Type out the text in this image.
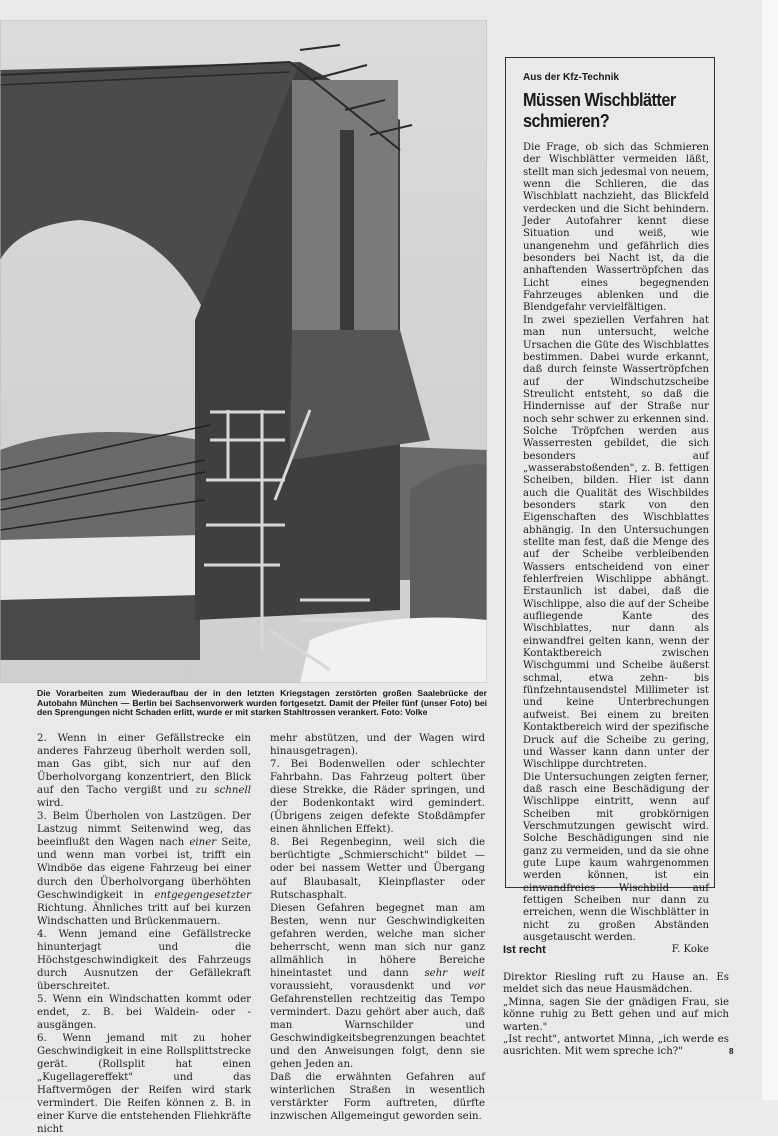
Die Vorarbeiten zum Wiederaufbau der in den letzten Kriegstagen zerstörten großen Saalebrücke der Autobahn München — Berlin bei Sachsenvorwerk wurden fortgesetzt. Damit der Pfeiler fünf (unser Foto) bei den Sprengungen nicht Schaden erlitt, wurde er mit starken Stahltrossen verankert. Foto: Volke

2. Wenn in einer Gefällstrecke ein anderes Fahrzeug überholt werden soll, man Gas gibt, sich nur auf den Überholvorgang konzentriert, den Blick auf den Tacho vergißt und zu schnell wird.

3. Beim Überholen von Lastzügen. Der Lastzug nimmt Seitenwind weg, das beeinflußt den Wagen nach einer Seite, und wenn man vorbei ist, trifft ein Windböe das eigene Fahrzeug bei einer durch den Überholvorgang überhöhten Geschwindigkeit in entgegengesetzter Richtung. Ähnliches tritt auf bei kurzen Windschatten und Brückenmauern.

4. Wenn jemand eine Gefällstrecke hinunterjagt und die Höchstgeschwindigkeit des Fahrzeugs durch Ausnutzen der Gefällekraft überschreitet.

5. Wenn ein Windschatten kommt oder endet, z. B. bei Waldein- oder -ausgängen.

6. Wenn jemand mit zu hoher Geschwindigkeit in eine Rollsplittstrecke gerät. (Rollsplit hat einen „Kugellagereffekt" und das Haftvermögen der Reifen wird stark vermindert. Die Reifen können z. B. in einer Kurve die entstehenden Fliehkräfte nicht

mehr abstützen, und der Wagen wird hinausgetragen).

7. Bei Bodenwellen oder schlechter Fahrbahn. Das Fahrzeug poltert über diese Strekke, die Räder springen, und der Bodenkontakt wird gemindert. (Übrigens zeigen defekte Stoßdämpfer einen ähnlichen Effekt).

8. Bei Regenbeginn, weil sich die berüchtigte „Schmierschicht" bildet — oder bei nassem Wetter und Übergang auf Blaubasalt, Kleinpflaster oder Rutschasphalt.

Diesen Gefahren begegnet man am Besten, wenn nur Geschwindigkeiten gefahren werden, welche man sicher beherrscht, wenn man sich nur ganz allmählich in höhere Bereiche hineintastet und dann sehr weit voraussieht, vorausdenkt und vor Gefahrenstellen rechtzeitig das Tempo vermindert. Dazu gehört aber auch, daß man Warnschilder und Geschwindigkeitsbegrenzungen beachtet und den Anweisungen folgt, denn sie gehen Jeden an.

Daß die erwähnten Gefahren auf winterlichen Straßen in wesentlich verstärkter Form auftreten, dürfte inzwischen Allgemeingut geworden sein.

Aus der Kfz-Technik
Müssen Wischblätter schmieren?

Die Frage, ob sich das Schmieren der Wischblätter vermeiden läßt, stellt man sich jedesmal von neuem, wenn die Schlieren, die das Wischblatt nachzieht, das Blickfeld verdecken und die Sicht behindern. Jeder Autofahrer kennt diese Situation und weiß, wie unangenehm und gefährlich dies besonders bei Nacht ist, da die anhaftenden Wassertröpfchen das Licht eines begegnenden Fahrzeuges ablenken und die Blendgefahr vervielfältigen.

In zwei speziellen Verfahren hat man nun untersucht, welche Ursachen die Güte des Wischblattes bestimmen. Dabei wurde erkannt, daß durch feinste Wassertröpfchen auf der Windschutzscheibe Streulicht entsteht, so daß die Hindernisse auf der Straße nur noch sehr schwer zu erkennen sind. Solche Tröpfchen werden aus Wasserresten gebildet, die sich besonders auf „wasserabstoßenden", z. B. fettigen Scheiben, bilden. Hier ist dann auch die Qualität des Wischbildes besonders stark von den Eigenschaften des Wischblattes abhängig. In den Untersuchungen stellte man fest, daß die Menge des auf der Scheibe verbleibenden Wassers entscheidend von einer fehlerfreien Wischlippe abhängt. Erstaunlich ist dabei, daß die Wischlippe, also die auf der Scheibe aufliegende Kante des Wischblattes, nur dann als einwandfrei gelten kann, wenn der Kontaktbereich zwischen Wischgummi und Scheibe äußerst schmal, etwa zehn- bis fünfzehntausendstel Millimeter ist und keine Unterbrechungen aufweist. Bei einem zu breiten Kontaktbereich wird der spezifische Druck auf die Scheibe zu gering, und Wasser kann dann unter der Wischlippe durchtreten.

Die Untersuchungen zeigten ferner, daß rasch eine Beschädigung der Wischlippe eintritt, wenn auf Scheiben mit grobkörnigen Verschmutzungen gewischt wird. Solche Beschädigungen sind nie ganz zu vermeiden, und da sie ohne gute Lupe kaum wahrgenommen werden können, ist ein einwandfreies Wischbild auf fettigen Scheiben nur dann zu erreichen, wenn die Wischblätter in nicht zu großen Abständen ausgetauscht werden.

F. Koke

Ist recht

Direktor Riesling ruft zu Hause an. Es meldet sich das neue Hausmädchen.

„Minna, sagen Sie der gnädigen Frau, sie könne ruhig zu Bett gehen und auf mich warten."

„Ist recht", antwortet Minna, „ich werde es ausrichten. Mit wem spreche ich?"	8
